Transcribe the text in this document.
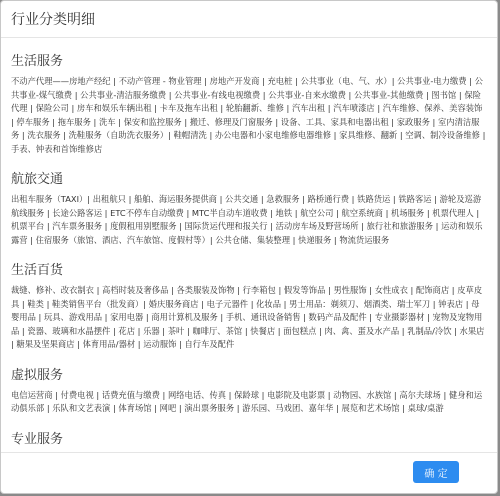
行业分类明细
生活服务

不动产代理——房地产经纪 | 不动产管理 - 物业管理 | 房地产开发商 | 充电桩 | 公共事业（电、气、水）| 公共事业-电力缴费 | 公共事业-煤气缴费 | 公共事业-清洁服务缴费 | 公共事业-有线电视缴费 | 公共事业-自来水缴费 | 公共事业-其他缴费 | 图书馆 | 保险代理 | 保险公司 | 房车和娱乐车辆出租 | 卡车及拖车出租 | 轮胎翻新、维修 | 汽车出租 | 汽车喷漆店 | 汽车维修、保养、美容装饰 | 停车服务 | 拖车服务 | 洗车 | 保安和监控服务 | 搬迁、修理及门窗服务 | 设备、工具、家具和电器出租 | 家政服务 | 室内清洁服务 | 洗衣服务 | 洗鞋服务（自助洗衣服务）| 鞋帽清洗 | 办公电器和小家电维修电器维修 | 家具维修、翻新 | 空调、制冷设备维修 | 手表、钟表和首饰维修店

航旅交通

出租车服务（TAXI）| 出租航只 | 船舶、海运服务提供商 | 公共交通 | 急救服务 | 路桥通行费 | 铁路货运 | 铁路客运 | 游轮及巡游航线服务 | 长途公路客运 | ETC不停车自动缴费 | MTC半自动车道收费 | 地铁 | 航空公司 | 航空系统商 | 机场服务 | 机票代理人 | 机票平台 | 汽车票务服务 | 度假租用别墅服务 | 国际货运代理和报关行 | 活动房车场及野营场所 | 旅行社和旅游服务 | 运动和娱乐露营 | 住宿服务（旅馆、酒店、汽车旅馆、度假村等）| 公共仓储、集装整理 | 快递服务 | 物流货运服务

生活百货

裁缝、修补、改衣制衣 | 高档时装及奢侈品 | 各类服装及饰物 | 行李箱包 | 假发等饰品 | 男性服饰 | 女性成衣 | 配饰商店 | 皮草皮具 | 鞋类 | 鞋类销售平台（批发商）| 婚庆服务商店 | 电子元器件 | 化妆品 | 男士用品：剃须刀、烟酒类、瑞士军刀 | 钟表店 | 母婴用品 | 玩具、游戏用品 | 家用电器 | 商用计算机及服务 | 手机、通讯设备销售 | 数码产品及配件 | 专业摄影器材 | 宠物及宠物用品 | 瓷器、玻璃和水晶摆件 | 花店 | 乐器 | 茶叶 | 咖啡厅、茶馆 | 快餐店 | 面包糕点 | 肉、禽、蛋及水产品 | 乳制品/冷饮 | 水果店 | 糖果及坚果商店 | 体育用品/器材 | 运动服饰 | 自行车及配件

虚拟服务

电信运营商 | 付费电视 | 话费充值与缴费 | 网络电话、传真 | 保龄球 | 电影院及电影票 | 动物园、水族馆 | 高尔夫球场 | 健身和运动俱乐部 | 乐队和文艺表演 | 体育场馆 | 网吧 | 演出票务服务 | 游乐园、马戏团、嘉年华 | 展览和艺术场馆 | 桌球/桌游

专业服务

确 定
